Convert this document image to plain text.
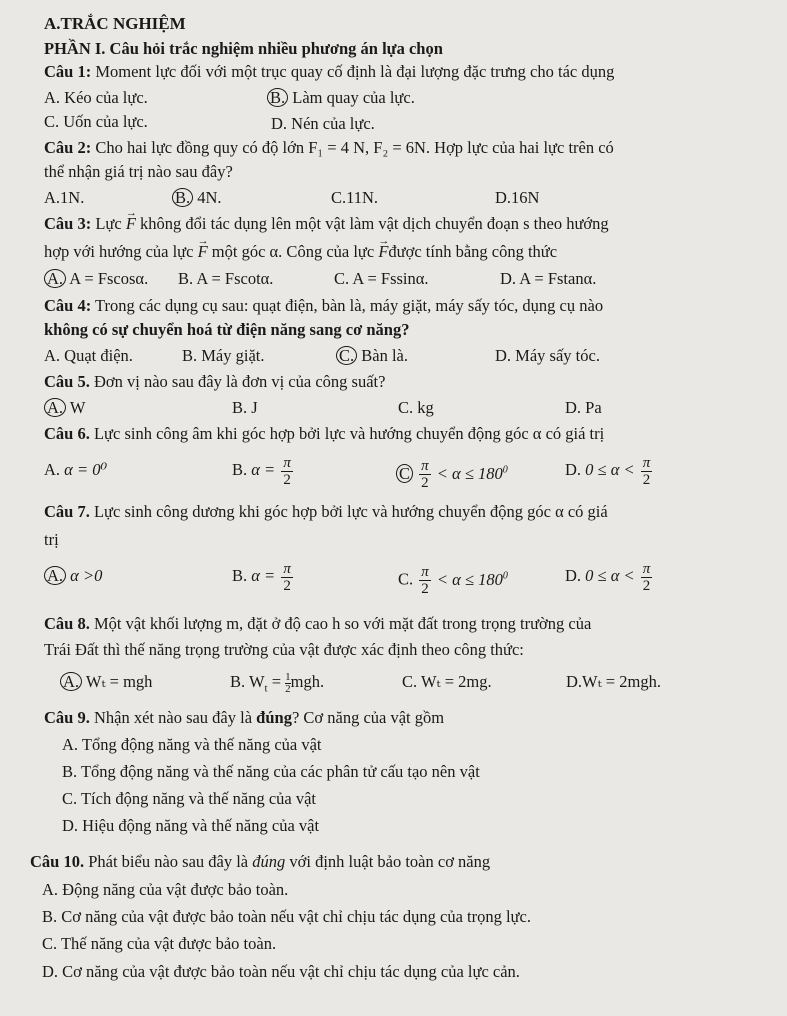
A.TRẮC NGHIỆM
PHẦN I. Câu hỏi trắc nghiệm nhiều phương án lựa chọn
Câu 1: Moment lực đối với một trục quay cố định là đại lượng đặc trưng cho tác dụng
A. Kéo của lực.	B. Làm quay của lực.
C. Uốn của lực.	D. Nén của lực.
Câu 2: Cho hai lực đồng quy có độ lớn F₁ = 4 N, F₂ = 6N. Hợp lực của hai lực trên có
thể nhận giá trị nào sau đây?
A.1N.	B. 4N.	C.11N.	D.16N
Câu 3: Lực → F không đổi tác dụng lên một vật làm vật dịch chuyển đoạn s theo hướng
hợp với hướng của lực → F một góc α. Công của lực → Fđược tính bằng công thức
A. A = Fscosα. B. A = Fscotα.	C. A = Fssinα.	D. A = Fstanα.
Câu 4: Trong các dụng cụ sau: quạt điện, bàn là, máy giặt, máy sấy tóc, dụng cụ nào
không có sự chuyển hoá từ điện năng sang cơ năng?
A. Quạt điện.	B. Máy giặt.	C. Bàn là.	D. Máy sấy tóc.
Câu 5. Đơn vị nào sau đây là đơn vị của công suất?
A. W	B. J	C. kg	D. Pa
Câu 6. Lực sinh công âm khi góc hợp bởi lực và hướng chuyển động góc α có giá trị
A. α = 0⁰	B. $\alpha = \frac{\pi}{2}$	C $\frac{\pi}{2} < \alpha \le 180^0$	D. $0 \le \alpha < \frac{\pi}{2}$
Câu 7. Lực sinh công dương khi góc hợp bởi lực và hướng chuyển động góc α có giá
trị
A. α >0	B. $\alpha = \frac{\pi}{2}$	C. $\frac{\pi}{2} < \alpha \le 180^0$	D. $0 \le \alpha < \frac{\pi}{2}$
Câu 8. Một vật khối lượng m, đặt ở độ cao h so với mặt đất trong trọng trường của
Trái Đất thì thế năng trọng trường của vật được xác định theo công thức:
A. Wₜ = mgh	B. $W_t = \frac{1}{2}mgh$.	C. Wₜ = 2mg.	D.Wₜ = 2mgh.
Câu 9. Nhận xét nào sau đây là đúng? Cơ năng của vật gồm
A. Tổng động năng và thế năng của vật
B. Tổng động năng và thế năng của các phân tử cấu tạo nên vật
C. Tích động năng và thế năng của vật
D. Hiệu động năng và thế năng của vật
Câu 10. Phát biểu nào sau đây là đúng với định luật bảo toàn cơ năng
A. Động năng của vật được bảo toàn.
B. Cơ năng của vật được bảo toàn nếu vật chỉ chịu tác dụng của trọng lực.
C. Thế năng của vật được bảo toàn.
D. Cơ năng của vật được bảo toàn nếu vật chỉ chịu tác dụng của lực cản.
